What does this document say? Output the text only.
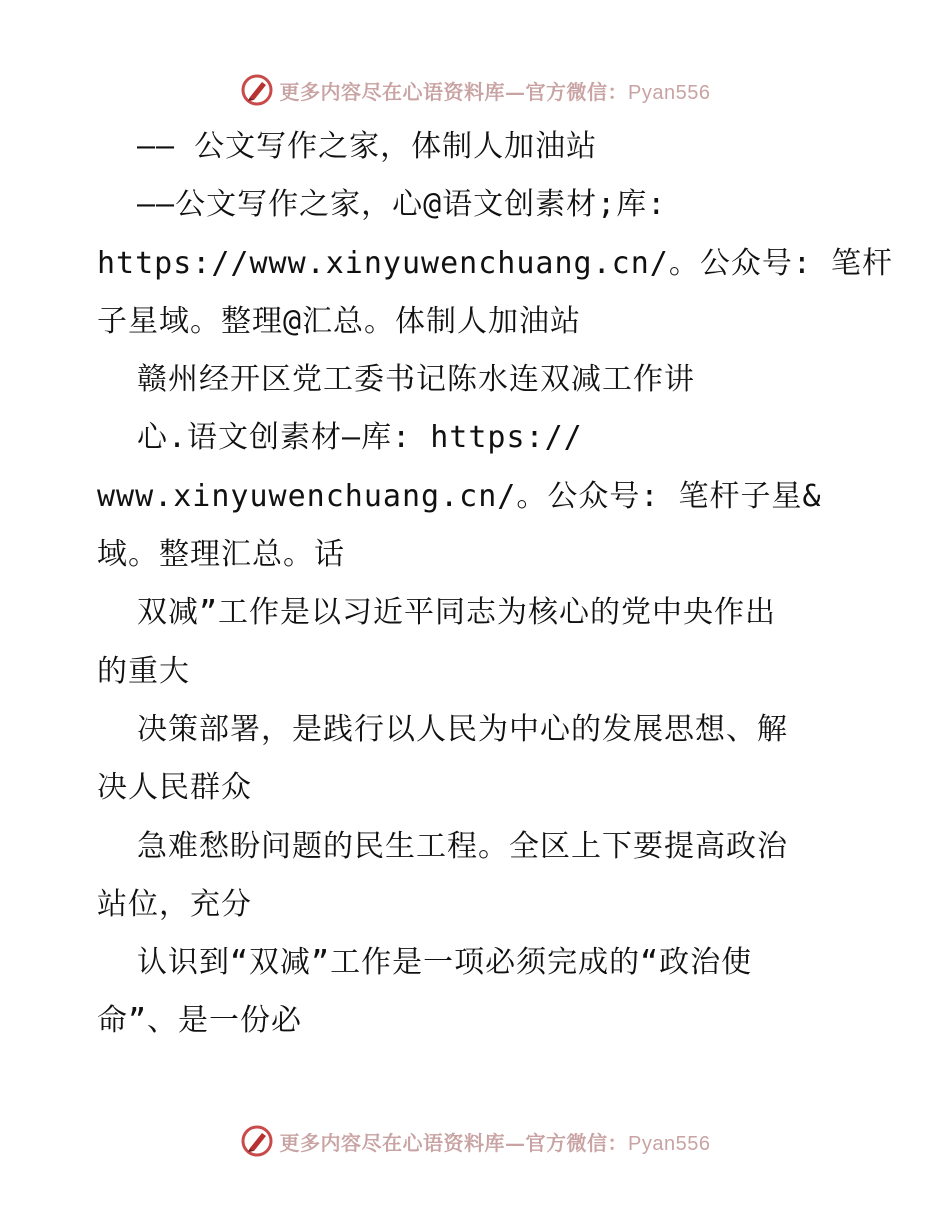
更多内容尽在心语资料库—官方微信：Pyan556
—— 公文写作之家，体制人加油站
——公文写作之家，心@语文创素材;库:
https://www.xinyuwenchuang.cn/。公众号: 笔杆
子星域。整理@汇总。体制人加油站
赣州经开区党工委书记陈水连双减工作讲
心.语文创素材—库: https://
www.xinyuwenchuang.cn/。公众号: 笔杆子星&
域。整理汇总。话
双减”工作是以习近平同志为核心的党中央作出
的重大
决策部署，是践行以人民为中心的发展思想、解
决人民群众
急难愁盼问题的民生工程。全区上下要提高政治
站位，充分
认识到“双减”工作是一项必须完成的“政治使
命”、是一份必
更多内容尽在心语资料库—官方微信：Pyan556
